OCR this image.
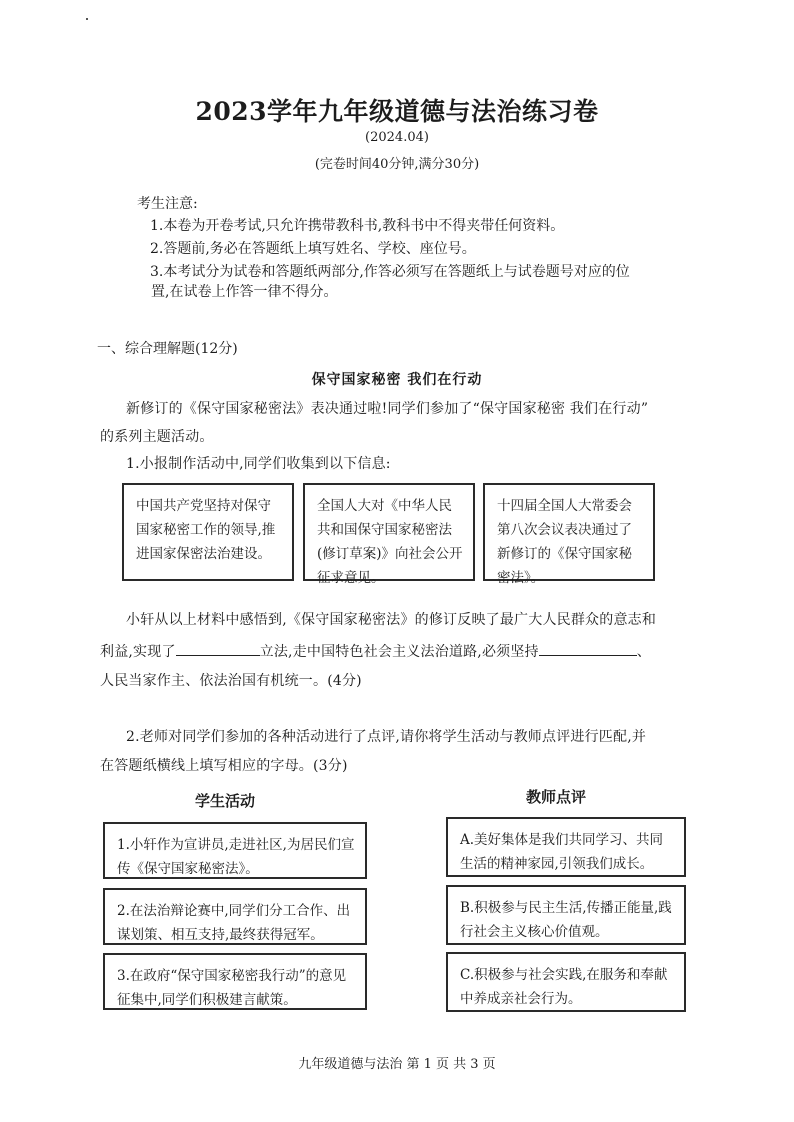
2023学年九年级道德与法治练习卷
(2024.04)
(完卷时间40分钟,满分30分)
考生注意:
1.本卷为开卷考试,只允许携带教科书,教科书中不得夹带任何资料。
2.答题前,务必在答题纸上填写姓名、学校、座位号。
3.本考试分为试卷和答题纸两部分,作答必须写在答题纸上与试卷题号对应的位
置,在试卷上作答一律不得分。
一、综合理解题(12分)
保守国家秘密 我们在行动
新修订的《保守国家秘密法》表决通过啦!同学们参加了“保守国家秘密 我们在行动”
的系列主题活动。
1.小报制作活动中,同学们收集到以下信息:
中国共产党坚持对保守国家秘密工作的领导,推进国家保密法治建设。
全国人大对《中华人民共和国保守国家秘密法(修订草案)》向社会公开征求意见。
十四届全国人大常委会第八次会议表决通过了新修订的《保守国家秘密法》。
小轩从以上材料中感悟到,《保守国家秘密法》的修订反映了最广大人民群众的意志和
利益,实现了	立法,走中国特色社会主义法治道路,必须坚持	、
人民当家作主、依法治国有机统一。(4分)
2.老师对同学们参加的各种活动进行了点评,请你将学生活动与教师点评进行匹配,并
在答题纸横线上填写相应的字母。(3分)
学生活动	教师点评
1.小轩作为宣讲员,走进社区,为居民们宣传《保守国家秘密法》。
2.在法治辩论赛中,同学们分工合作、出谋划策、相互支持,最终获得冠军。
3.在政府“保守国家秘密我行动”的意见征集中,同学们积极建言献策。
A.美好集体是我们共同学习、共同生活的精神家园,引领我们成长。
B.积极参与民主生活,传播正能量,践行社会主义核心价值观。
C.积极参与社会实践,在服务和奉献中养成亲社会行为。
九年级道德与法治 第 1 页 共 3 页
